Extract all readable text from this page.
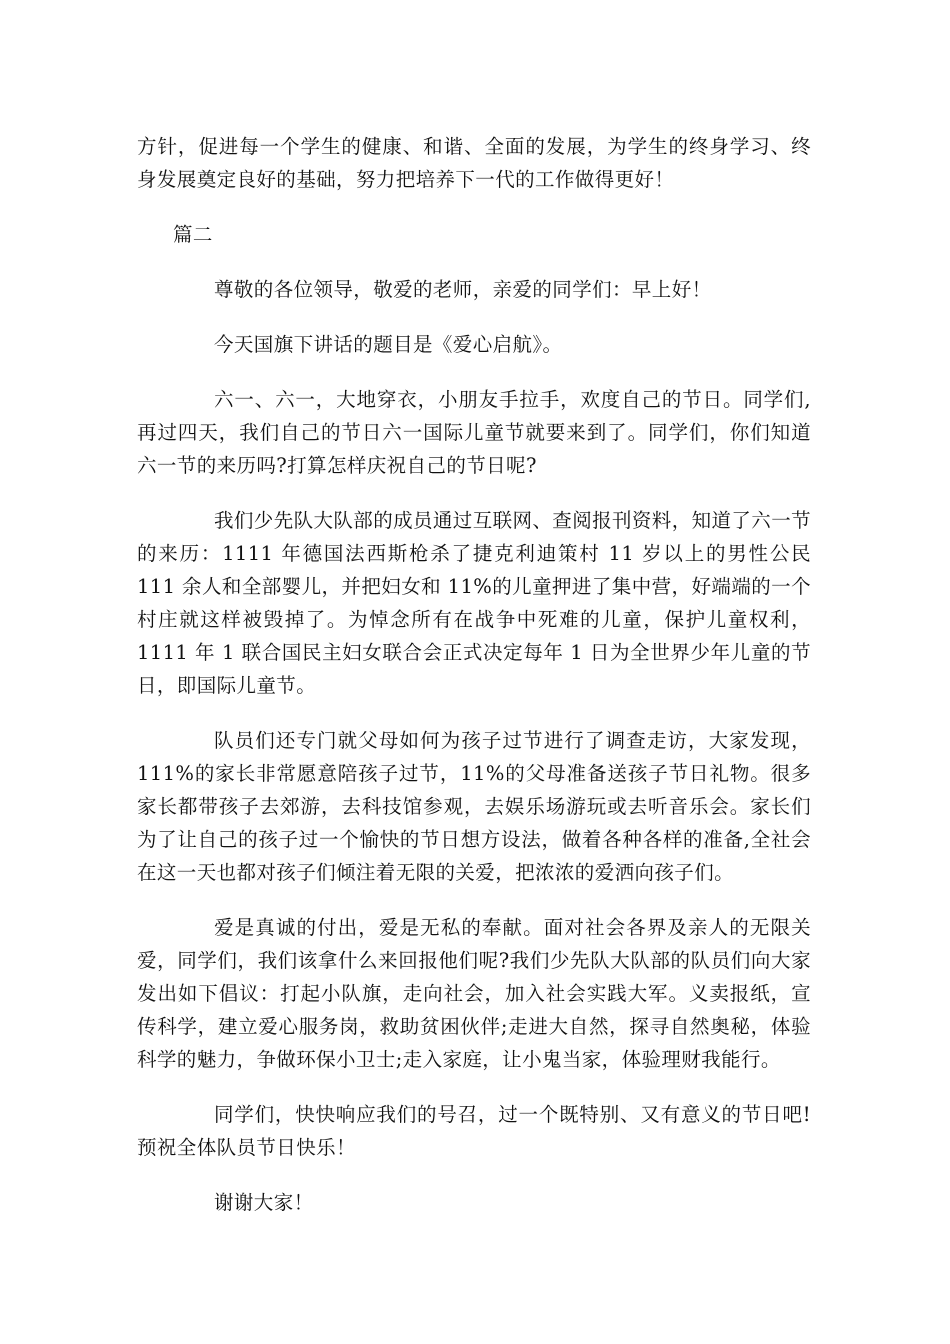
方针，促进每一个学生的健康、和谐、全面的发展，为学生的终身学习、终身发展奠定良好的基础，努力把培养下一代的工作做得更好！

篇二

尊敬的各位领导，敬爱的老师，亲爱的同学们：早上好！

今天国旗下讲话的题目是《爱心启航》。

六一、六一，大地穿衣，小朋友手拉手，欢度自己的节日。同学们,再过四天，我们自己的节日六一国际儿童节就要来到了。同学们，你们知道六一节的来历吗?打算怎样庆祝自己的节日呢?

我们少先队大队部的成员通过互联网、查阅报刊资料，知道了六一节的来历：1111 年德国法西斯枪杀了捷克利迪策村 11 岁以上的男性公民 111 余人和全部婴儿，并把妇女和 11%的儿童押进了集中营，好端端的一个村庄就这样被毁掉了。为悼念所有在战争中死难的儿童，保护儿童权利，1111 年 1 联合国民主妇女联合会正式决定每年 1 日为全世界少年儿童的节日，即国际儿童节。

队员们还专门就父母如何为孩子过节进行了调查走访，大家发现，111%的家长非常愿意陪孩子过节，11%的父母准备送孩子节日礼物。很多家长都带孩子去郊游，去科技馆参观，去娱乐场游玩或去听音乐会。家长们为了让自己的孩子过一个愉快的节日想方设法，做着各种各样的准备,全社会在这一天也都对孩子们倾注着无限的关爱，把浓浓的爱洒向孩子们。

爱是真诚的付出，爱是无私的奉献。面对社会各界及亲人的无限关爱，同学们，我们该拿什么来回报他们呢?我们少先队大队部的队员们向大家发出如下倡议：打起小队旗，走向社会，加入社会实践大军。义卖报纸，宣传科学，建立爱心服务岗，救助贫困伙伴;走进大自然，探寻自然奥秘，体验科学的魅力，争做环保小卫士;走入家庭，让小鬼当家，体验理财我能行。

同学们，快快响应我们的号召，过一个既特别、又有意义的节日吧!预祝全体队员节日快乐！

谢谢大家！
